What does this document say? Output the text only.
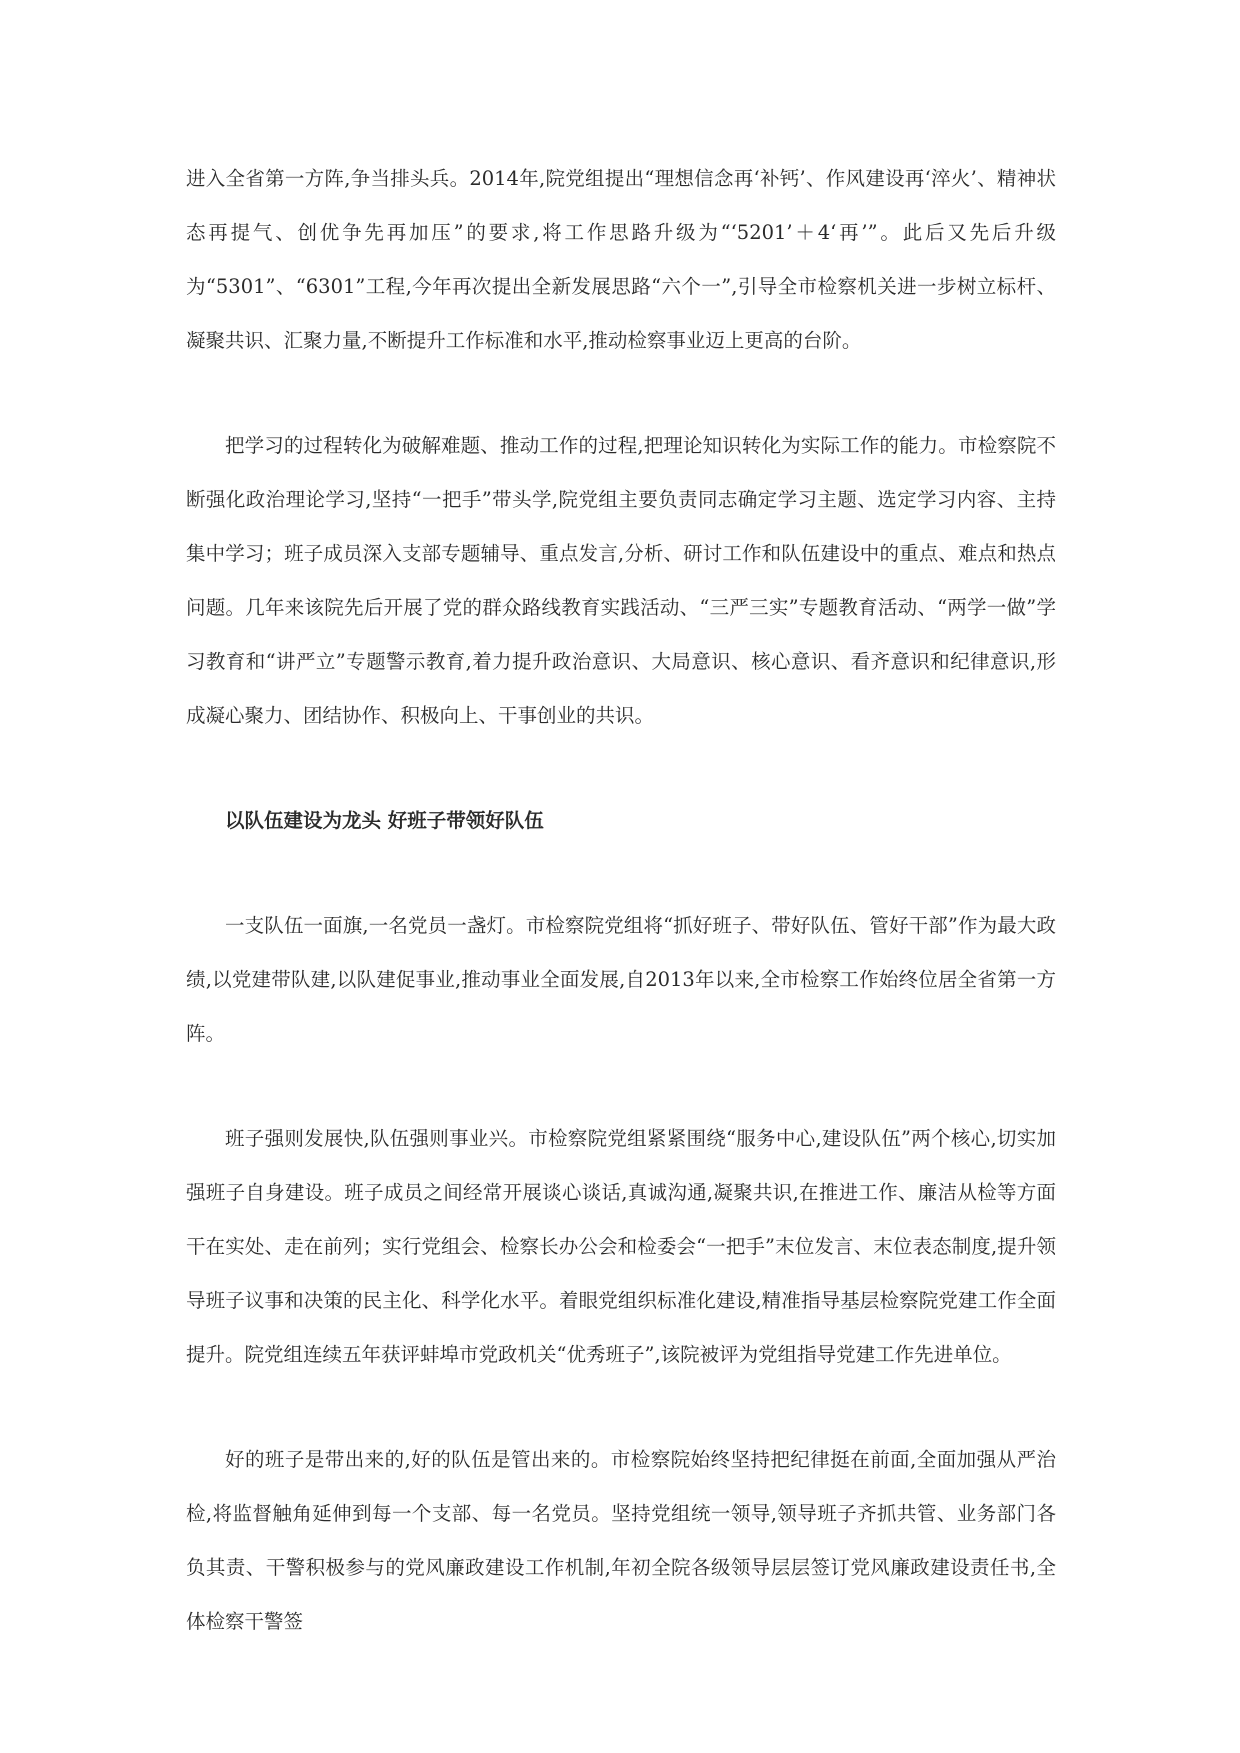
进入全省第一方阵,争当排头兵。2014年,院党组提出“理想信念再‘补钙’、作风建设再‘淬火’、精神状态再提气、创优争先再加压”的要求,将工作思路升级为“‘5201’＋4‘再’”。此后又先后升级为“5301”、“6301”工程,今年再次提出全新发展思路“六个一”,引导全市检察机关进一步树立标杆、凝聚共识、汇聚力量,不断提升工作标准和水平,推动检察事业迈上更高的台阶。

把学习的过程转化为破解难题、推动工作的过程,把理论知识转化为实际工作的能力。市检察院不断强化政治理论学习,坚持“一把手”带头学,院党组主要负责同志确定学习主题、选定学习内容、主持集中学习；班子成员深入支部专题辅导、重点发言,分析、研讨工作和队伍建设中的重点、难点和热点问题。几年来该院先后开展了党的群众路线教育实践活动、“三严三实”专题教育活动、“两学一做”学习教育和“讲严立”专题警示教育,着力提升政治意识、大局意识、核心意识、看齐意识和纪律意识,形成凝心聚力、团结协作、积极向上、干事创业的共识。

以队伍建设为龙头 好班子带领好队伍

一支队伍一面旗,一名党员一盏灯。市检察院党组将“抓好班子、带好队伍、管好干部”作为最大政绩,以党建带队建,以队建促事业,推动事业全面发展,自2013年以来,全市检察工作始终位居全省第一方阵。

班子强则发展快,队伍强则事业兴。市检察院党组紧紧围绕“服务中心,建设队伍”两个核心,切实加强班子自身建设。班子成员之间经常开展谈心谈话,真诚沟通,凝聚共识,在推进工作、廉洁从检等方面干在实处、走在前列；实行党组会、检察长办公会和检委会“一把手”末位发言、末位表态制度,提升领导班子议事和决策的民主化、科学化水平。着眼党组织标准化建设,精准指导基层检察院党建工作全面提升。院党组连续五年获评蚌埠市党政机关“优秀班子”,该院被评为党组指导党建工作先进单位。

好的班子是带出来的,好的队伍是管出来的。市检察院始终坚持把纪律挺在前面,全面加强从严治检,将监督触角延伸到每一个支部、每一名党员。坚持党组统一领导,领导班子齐抓共管、业务部门各负其责、干警积极参与的党风廉政建设工作机制,年初全院各级领导层层签订党风廉政建设责任书,全体检察干警签
